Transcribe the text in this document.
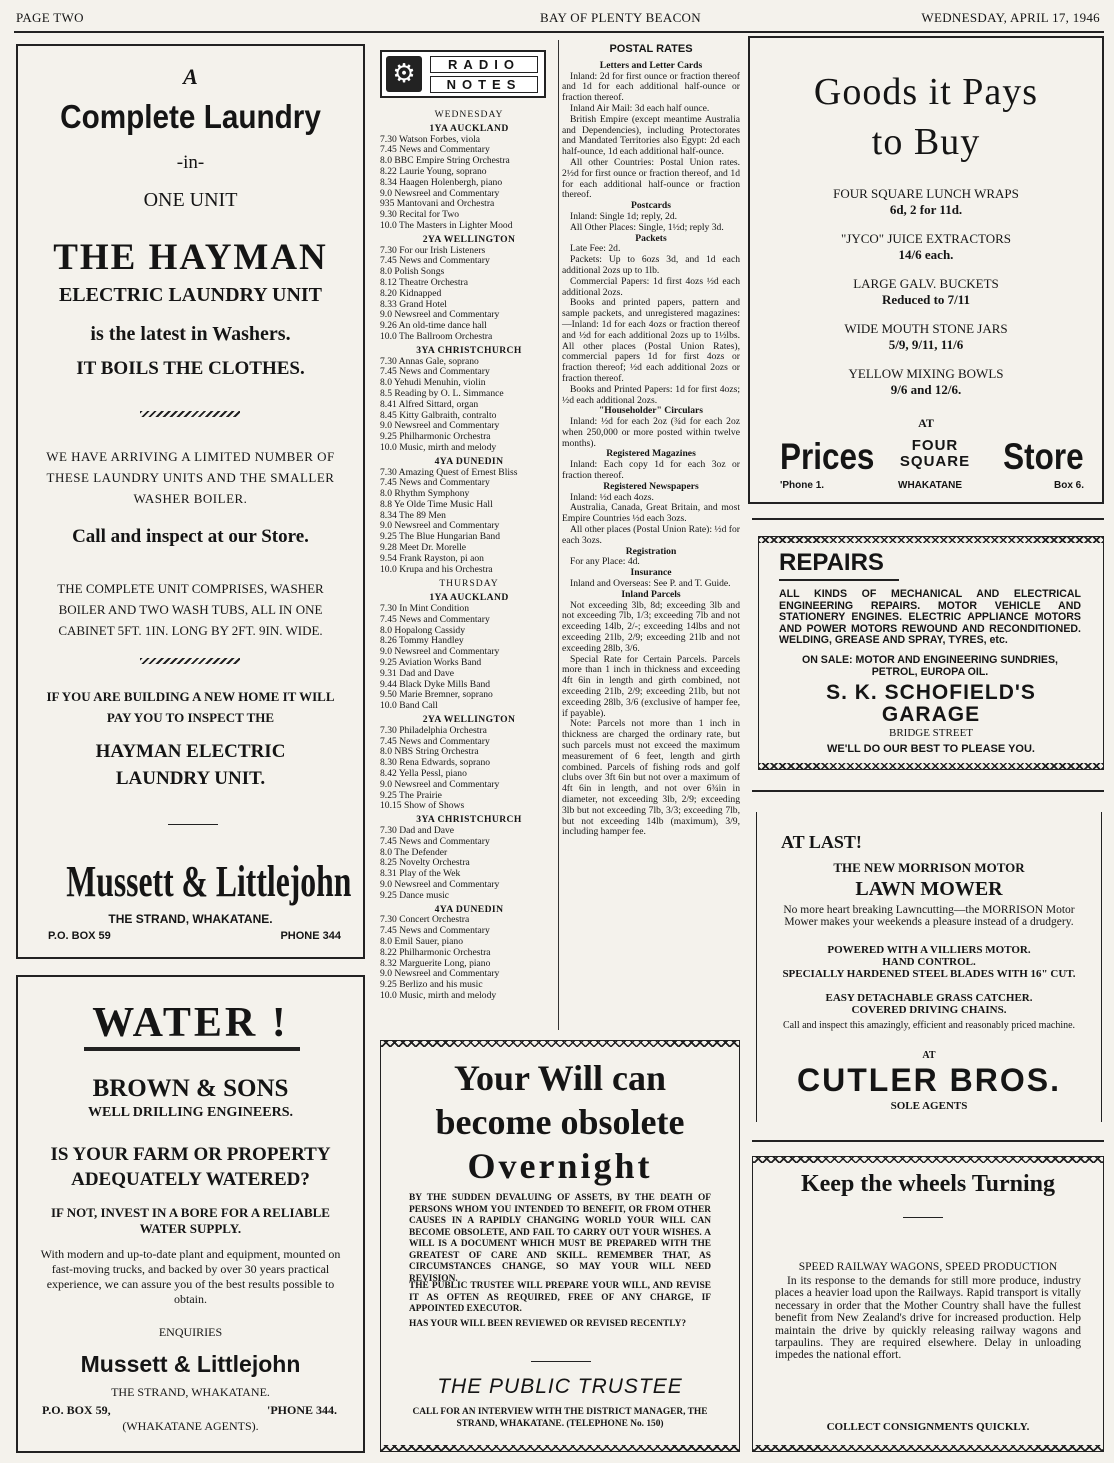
PAGE TWO	BAY OF PLENTY BEACON	WEDNESDAY, APRIL 17, 1946
A
Complete Laundry
-in-
ONE UNIT
THE HAYMAN
ELECTRIC LAUNDRY UNIT
is the latest in Washers.
IT BOILS THE CLOTHES.
WE HAVE ARRIVING A LIMITED NUMBER OF THESE LAUNDRY UNITS AND THE SMALLER WASHER BOILER.
Call and inspect at our Store.
THE COMPLETE UNIT COMPRISES, WASHER BOILER AND TWO WASH TUBS, ALL IN ONE CABINET 5FT. 1IN. LONG BY 2FT. 9IN. WIDE.
IF YOU ARE BUILDING A NEW HOME IT WILL PAY YOU TO INSPECT THE
HAYMAN ELECTRIC LAUNDRY UNIT.
Mussett & Littlejohn
THE STRAND, WHAKATANE.
P.O. BOX 59	PHONE 344
WATER !
BROWN & SONS
WELL DRILLING ENGINEERS.
IS YOUR FARM OR PROPERTY ADEQUATELY WATERED?
IF NOT, INVEST IN A BORE FOR A RELIABLE WATER SUPPLY.
With modern and up-to-date plant and equipment, mounted on fast-moving trucks, and backed by over 30 years practical experience, we can assure you of the best results possible to obtain.
ENQUIRIES
Mussett & Littlejohn
THE STRAND, WHAKATANE.
P.O. BOX 59,	'PHONE 344.
(WHAKATANE AGENTS).
⚙	RADIO
NOTES
WEDNESDAY
1YA AUCKLAND
7.30 Watson Forbes, viola
7.45 News and Commentary
8.0 BBC Empire String Orchestra
8.22 Laurie Young, soprano
8.34 Haagen Holenbergh, piano
9.0 Newsreel and Commentary
935 Mantovani and Orchestra
9.30 Recital for Two
10.0 The Masters in Lighter Mood
2YA WELLINGTON
7.30 For our Irish Listeners
7.45 News and Commentary
8.0 Polish Songs
8.12 Theatre Orchestra
8.20 Kidnapped
8.33 Grand Hotel
9.0 Newsreel and Commentary
9.26 An old-time dance hall
10.0 The Ballroom Orchestra
3YA CHRISTCHURCH
7.30 Annas Gale, soprano
7.45 News and Commentary
8.0 Yehudi Menuhin, violin
8.5 Reading by O. L. Simmance
8.41 Alfred Sittard, organ
8.45 Kitty Galbraith, contralto
9.0 Newsreel and Commentary
9.25 Philharmonic Orchestra
10.0 Music, mirth and melody
4YA DUNEDIN
7.30 Amazing Quest of Ernest Bliss
7.45 News and Commentary
8.0 Rhythm Symphony
8.8 Ye Olde Time Music Hall
8.34 The 89 Men
9.0 Newsreel and Commentary
9.25 The Blue Hungarian Band
9.28 Meet Dr. Morelle
9.54 Frank Rayston, pi aon
10.0 Krupa and his Orchestra
THURSDAY
1YA AUCKLAND
7.30 In Mint Condition
7.45 News and Commentary
8.0 Hopalong Cassidy
8.26 Tommy Handley
9.0 Newsreel and Commentary
9.25 Aviation Works Band
9.31 Dad and Dave
9.44 Black Dyke Mills Band
9.50 Marie Bremner, soprano
10.0 Band Call
2YA WELLINGTON
7.30 Philadelphia Orchestra
7.45 News and Commentary
8.0 NBS String Orchestra
8.30 Rena Edwards, soprano
8.42 Yella Pessl, piano
9.0 Newsreel and Commentary
9.25 The Prairie
10.15 Show of Shows
3YA CHRISTCHURCH
7.30 Dad and Dave
7.45 News and Commentary
8.0 The Defender
8.25 Novelty Orchestra
8.31 Play of the Wek
9.0 Newsreel and Commentary
9.25 Dance music
4YA DUNEDIN
7.30 Concert Orchestra
7.45 News and Commentary
8.0 Emil Sauer, piano
8.22 Philharmonic Orchestra
8.32 Marguerite Long, piano
9.0 Newsreel and Commentary
9.25 Berlizo and his music
10.0 Music, mirth and melody
POSTAL RATES
Letters and Letter Cards

Inland: 2d for first ounce or fraction thereof and 1d for each additional half-ounce or fraction thereof.

Inland Air Mail: 3d each half ounce.

British Empire (except meantime Australia and Dependencies), including Protectorates and Mandated Territories also Egypt: 2d each half-ounce, 1d each additional half-ounce.

All other Countries: Postal Union rates. 2½d for first ounce or fraction thereof, and 1d for each additional half-ounce or fraction thereof.

Postcards

Inland: Single 1d; reply, 2d.

All Other Places: Single, 1½d; reply 3d.

Packets

Late Fee: 2d.

Packets: Up to 6ozs 3d, and 1d each additional 2ozs up to 1lb.

Commercial Papers: 1d first 4ozs ½d each additional 2ozs.

Books and printed papers, pattern and sample packets, and unregistered magazines:—Inland: 1d for each 4ozs or fraction thereof and ½d for each additional 2ozs up to 1½lbs. All other places (Postal Union Rates), commercial papers 1d for first 4ozs or fraction thereof; ½d each additional 2ozs or fraction thereof.

Books and Printed Papers: 1d for first 4ozs; ½d each additional 2ozs.

"Householder" Circulars

Inland: ½d for each 2oz (¾d for each 2oz when 250,000 or more posted within twelve months).

Registered Magazines

Inland: Each copy 1d for each 3oz or fraction thereof.

Registered Newspapers

Inland: ½d each 4ozs.

Australia, Canada, Great Britain, and most Empire Countries ½d each 3ozs.

All other places (Postal Union Rate): ½d for each 3ozs.

Registration

For any Place: 4d.

Insurance

Inland and Overseas: See P. and T. Guide.

Inland Parcels

Not exceeding 3lb, 8d; exceeding 3lb and not exceeding 7lb, 1/3; exceeding 7lb and not exceeding 14lb, 2/-; exceeding 14lbs and not exceeding 21lb, 2/9; exceeding 21lb and not exceeding 28lb, 3/6.

Special Rate for Certain Parcels. Parcels more than 1 inch in thickness and exceeding 4ft 6in in length and girth combined, not exceeding 21lb, 2/9; exceeding 21lb, but not exceeding 28lb, 3/6 (exclusive of hamper fee, if payable).

Note: Parcels not more than 1 inch in thickness are charged the ordinary rate, but such parcels must not exceed the maximum measurement of 6 feet, length and girth combined. Parcels of fishing rods and golf clubs over 3ft 6in but not over a maximum of 4ft 6in in length, and not over 6¾in in diameter, not exceeding 3lb, 2/9; exceeding 3lb but not exceeding 7lb, 3/3; exceeding 7lb, but not exceeding 14lb (maximum), 3/9, including hamper fee.

Your Will can
become obsolete
Overnight
BY THE SUDDEN DEVALUING OF ASSETS, BY THE DEATH OF PERSONS WHOM YOU INTENDED TO BENEFIT, OR FROM OTHER CAUSES IN A RAPIDLY CHANGING WORLD YOUR WILL CAN BECOME OBSOLETE, AND FAIL TO CARRY OUT YOUR WISHES. A WILL IS A DOCUMENT WHICH MUST BE PREPARED WITH THE GREATEST OF CARE AND SKILL. REMEMBER THAT, AS CIRCUMSTANCES CHANGE, SO MAY YOUR WILL NEED REVISION.
THE PUBLIC TRUSTEE WILL PREPARE YOUR WILL, AND REVISE IT AS OFTEN AS REQUIRED, FREE OF ANY CHARGE, IF APPOINTED EXECUTOR.
HAS YOUR WILL BEEN REVIEWED OR REVISED RECENTLY?
THE PUBLIC TRUSTEE
CALL FOR AN INTERVIEW WITH THE DISTRICT MANAGER, THE STRAND, WHAKATANE. (TELEPHONE No. 150)
Goods it Pays
to Buy
FOUR SQUARE LUNCH WRAPS
6d, 2 for 11d.
"JYCO" JUICE EXTRACTORS
14/6 each.
LARGE GALV. BUCKETS
Reduced to 7/11
WIDE MOUTH STONE JARS
5/9, 9/11, 11/6
YELLOW MIXING BOWLS
9/6 and 12/6.
AT
Prices	FOUR
SQUARE Store
'Phone 1.	WHAKATANE	Box 6.
REPAIRS
ALL KINDS OF MECHANICAL AND ELECTRICAL ENGINEERING REPAIRS. MOTOR VEHICLE AND STATIONERY ENGINES. ELECTRIC APPLIANCE MOTORS AND POWER MOTORS REWOUND AND RECONDITIONED. WELDING, GREASE AND SPRAY, TYRES, etc.
ON SALE: MOTOR AND ENGINEERING SUNDRIES, PETROL, EUROPA OIL.
S. K. SCHOFIELD'S
GARAGE
BRIDGE STREET
WE'LL DO OUR BEST TO PLEASE YOU.
AT LAST!
THE NEW MORRISON MOTOR
LAWN MOWER
No more heart breaking Lawncutting—the MORRISON Motor Mower makes your weekends a pleasure instead of a drudgery.
POWERED WITH A VILLIERS MOTOR.
HAND CONTROL.
SPECIALLY HARDENED STEEL BLADES WITH 16" CUT.
EASY DETACHABLE GRASS CATCHER.
COVERED DRIVING CHAINS.
Call and inspect this amazingly, efficient and reasonably priced machine.
AT
CUTLER BROS.
SOLE AGENTS
Keep the wheels Turning
SPEED RAILWAY WAGONS, SPEED PRODUCTION
In its response to the demands for still more produce, industry places a heavier load upon the Railways. Rapid transport is vitally necessary in order that the Mother Country shall have the fullest benefit from New Zealand's drive for increased production. Help maintain the drive by quickly releasing railway wagons and tarpaulins. They are required elsewhere. Delay in unloading impedes the national effort.
COLLECT CONSIGNMENTS QUICKLY.
